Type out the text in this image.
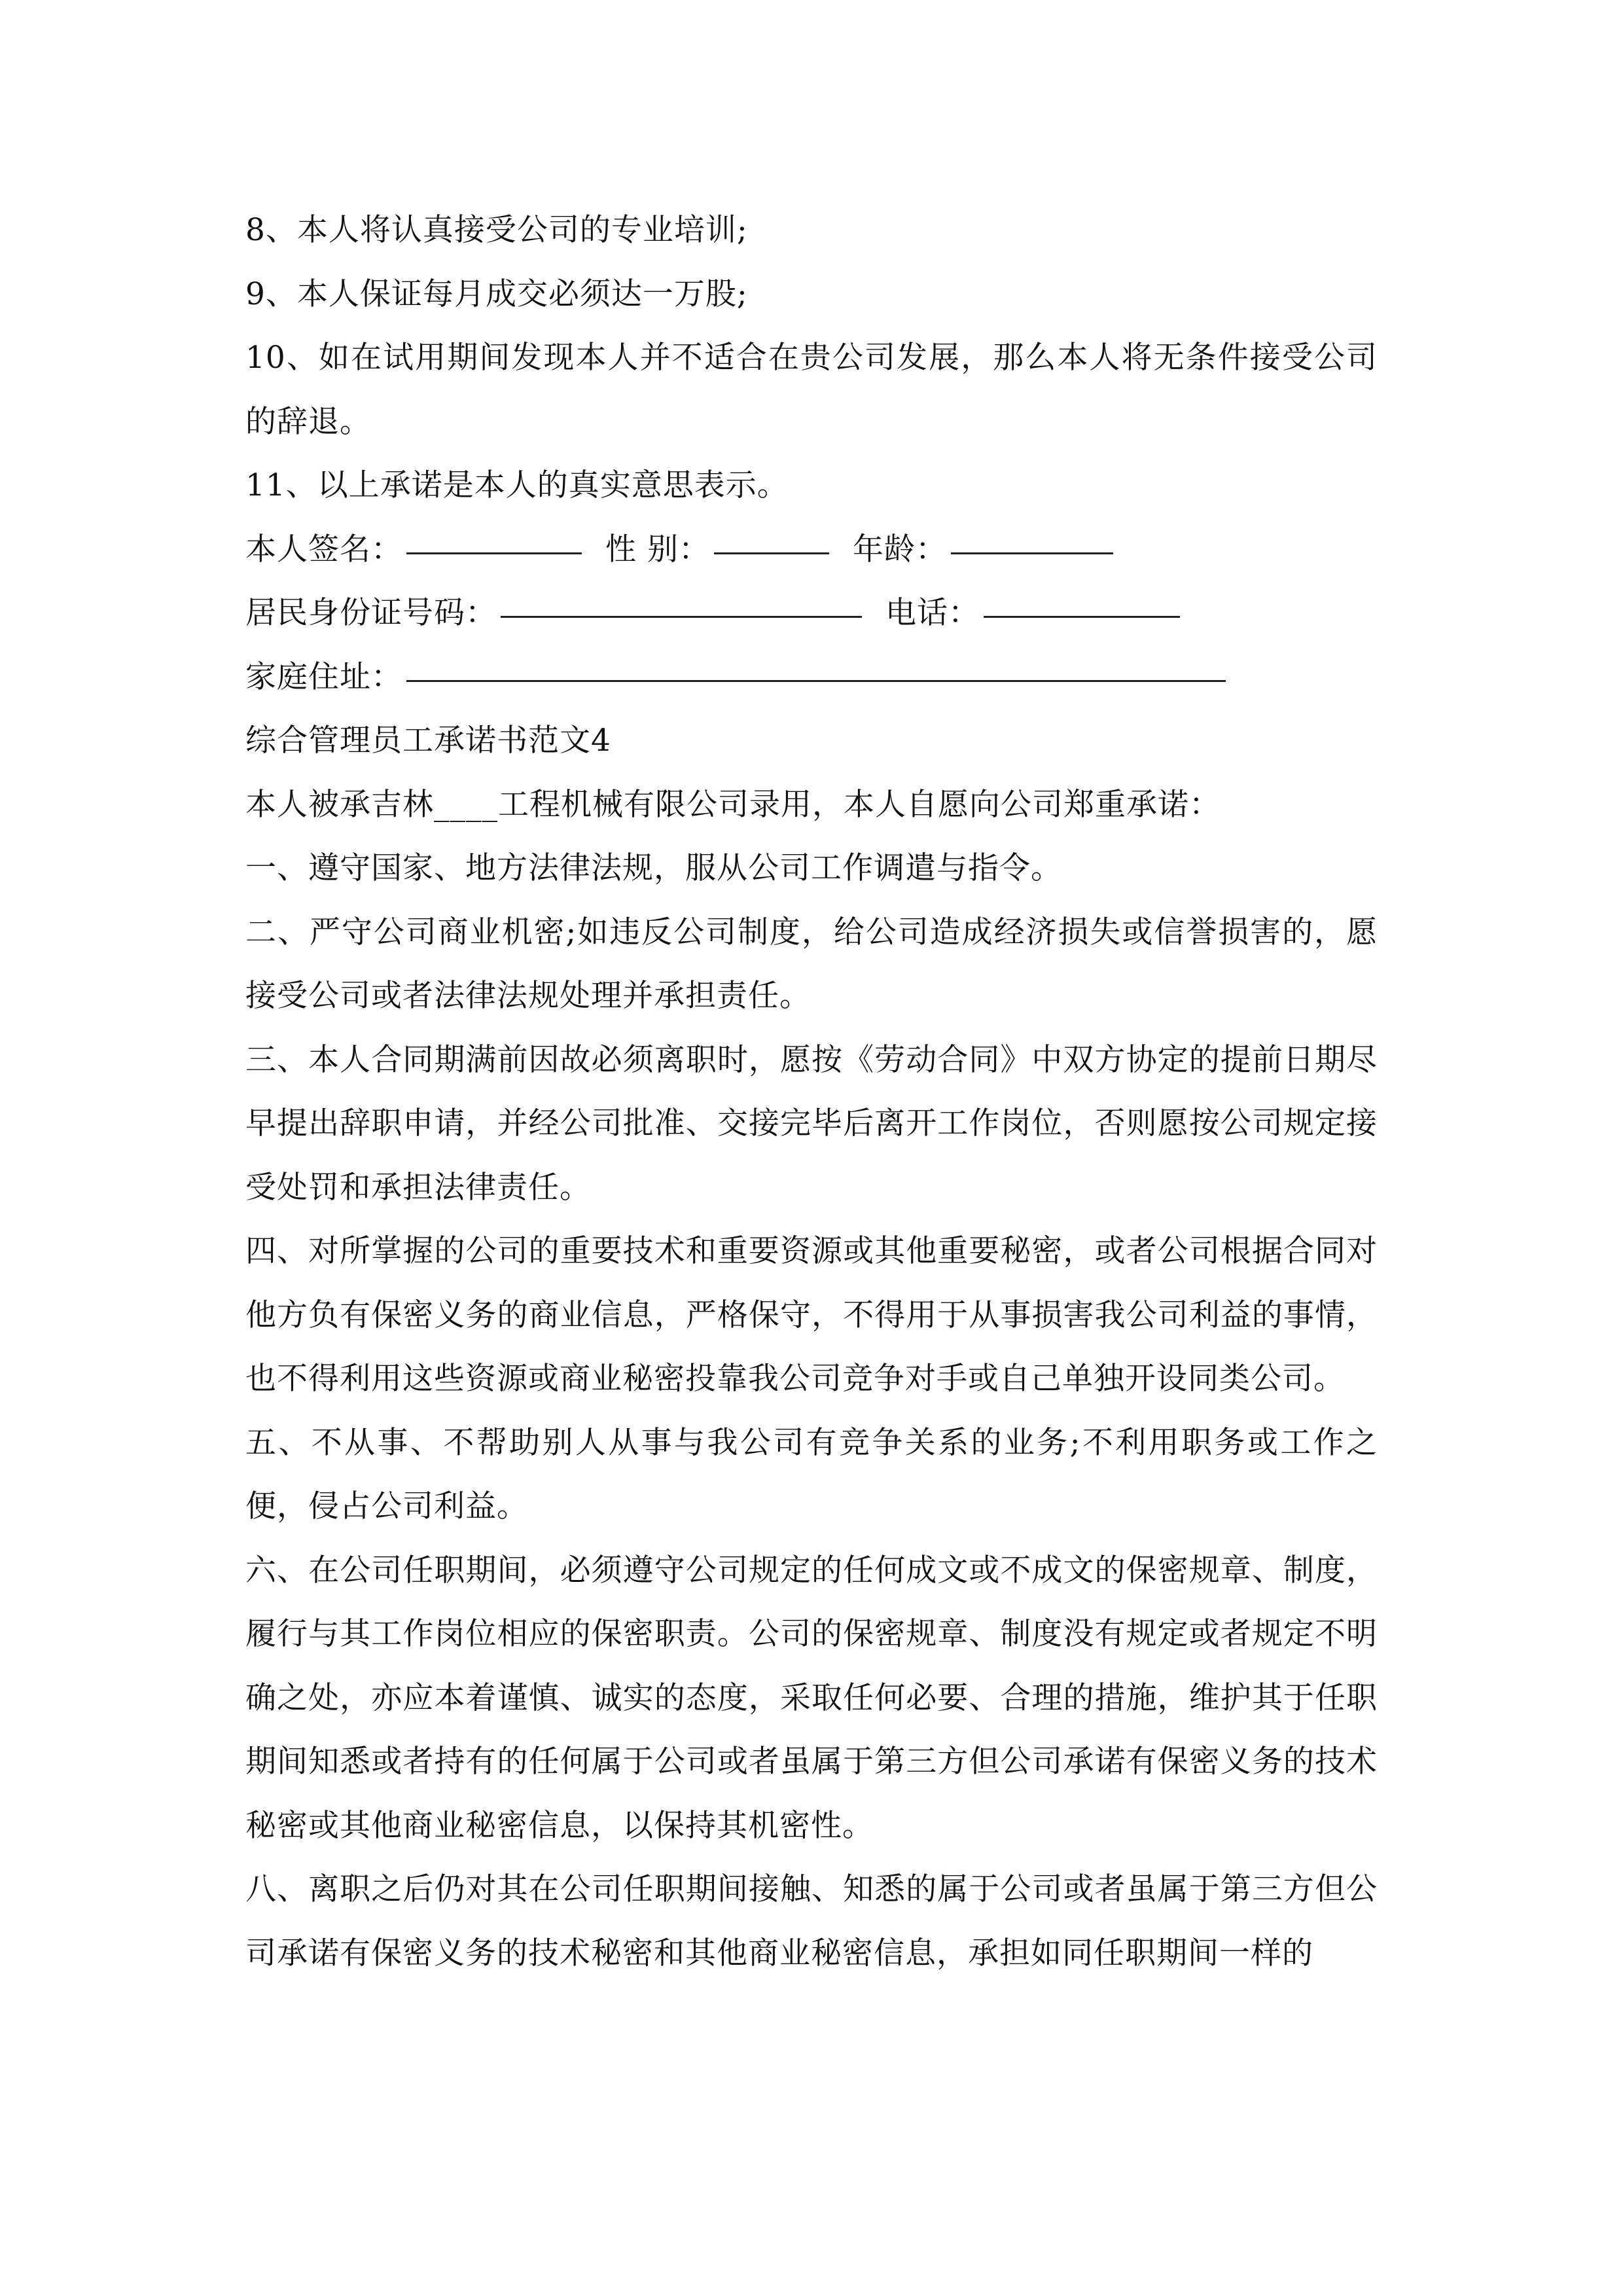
8、本人将认真接受公司的专业培训;

9、本人保证每月成交必须达一万股;

10、如在试用期间发现本人并不适合在贵公司发展，那么本人将无条件接受公司的辞退。

11、以上承诺是本人的真实意思表示。

本人签名：	性 别：	年龄：
居民身份证号码：	电话：
家庭住址：

综合管理员工承诺书范文4

本人被承吉林____工程机械有限公司录用，本人自愿向公司郑重承诺：

一、遵守国家、地方法律法规，服从公司工作调遣与指令。

二、严守公司商业机密;如违反公司制度，给公司造成经济损失或信誉损害的，愿接受公司或者法律法规处理并承担责任。

三、本人合同期满前因故必须离职时，愿按《劳动合同》中双方协定的提前日期尽早提出辞职申请，并经公司批准、交接完毕后离开工作岗位，否则愿按公司规定接受处罚和承担法律责任。

四、对所掌握的公司的重要技术和重要资源或其他重要秘密，或者公司根据合同对他方负有保密义务的商业信息，严格保守，不得用于从事损害我公司利益的事情，也不得利用这些资源或商业秘密投靠我公司竞争对手或自己单独开设同类公司。

五、不从事、不帮助别人从事与我公司有竞争关系的业务;不利用职务或工作之便，侵占公司利益。

六、在公司任职期间，必须遵守公司规定的任何成文或不成文的保密规章、制度，履行与其工作岗位相应的保密职责。公司的保密规章、制度没有规定或者规定不明确之处，亦应本着谨慎、诚实的态度，采取任何必要、合理的措施，维护其于任职期间知悉或者持有的任何属于公司或者虽属于第三方但公司承诺有保密义务的技术秘密或其他商业秘密信息，以保持其机密性。

八、离职之后仍对其在公司任职期间接触、知悉的属于公司或者虽属于第三方但公司承诺有保密义务的技术秘密和其他商业秘密信息，承担如同任职期间一样的
